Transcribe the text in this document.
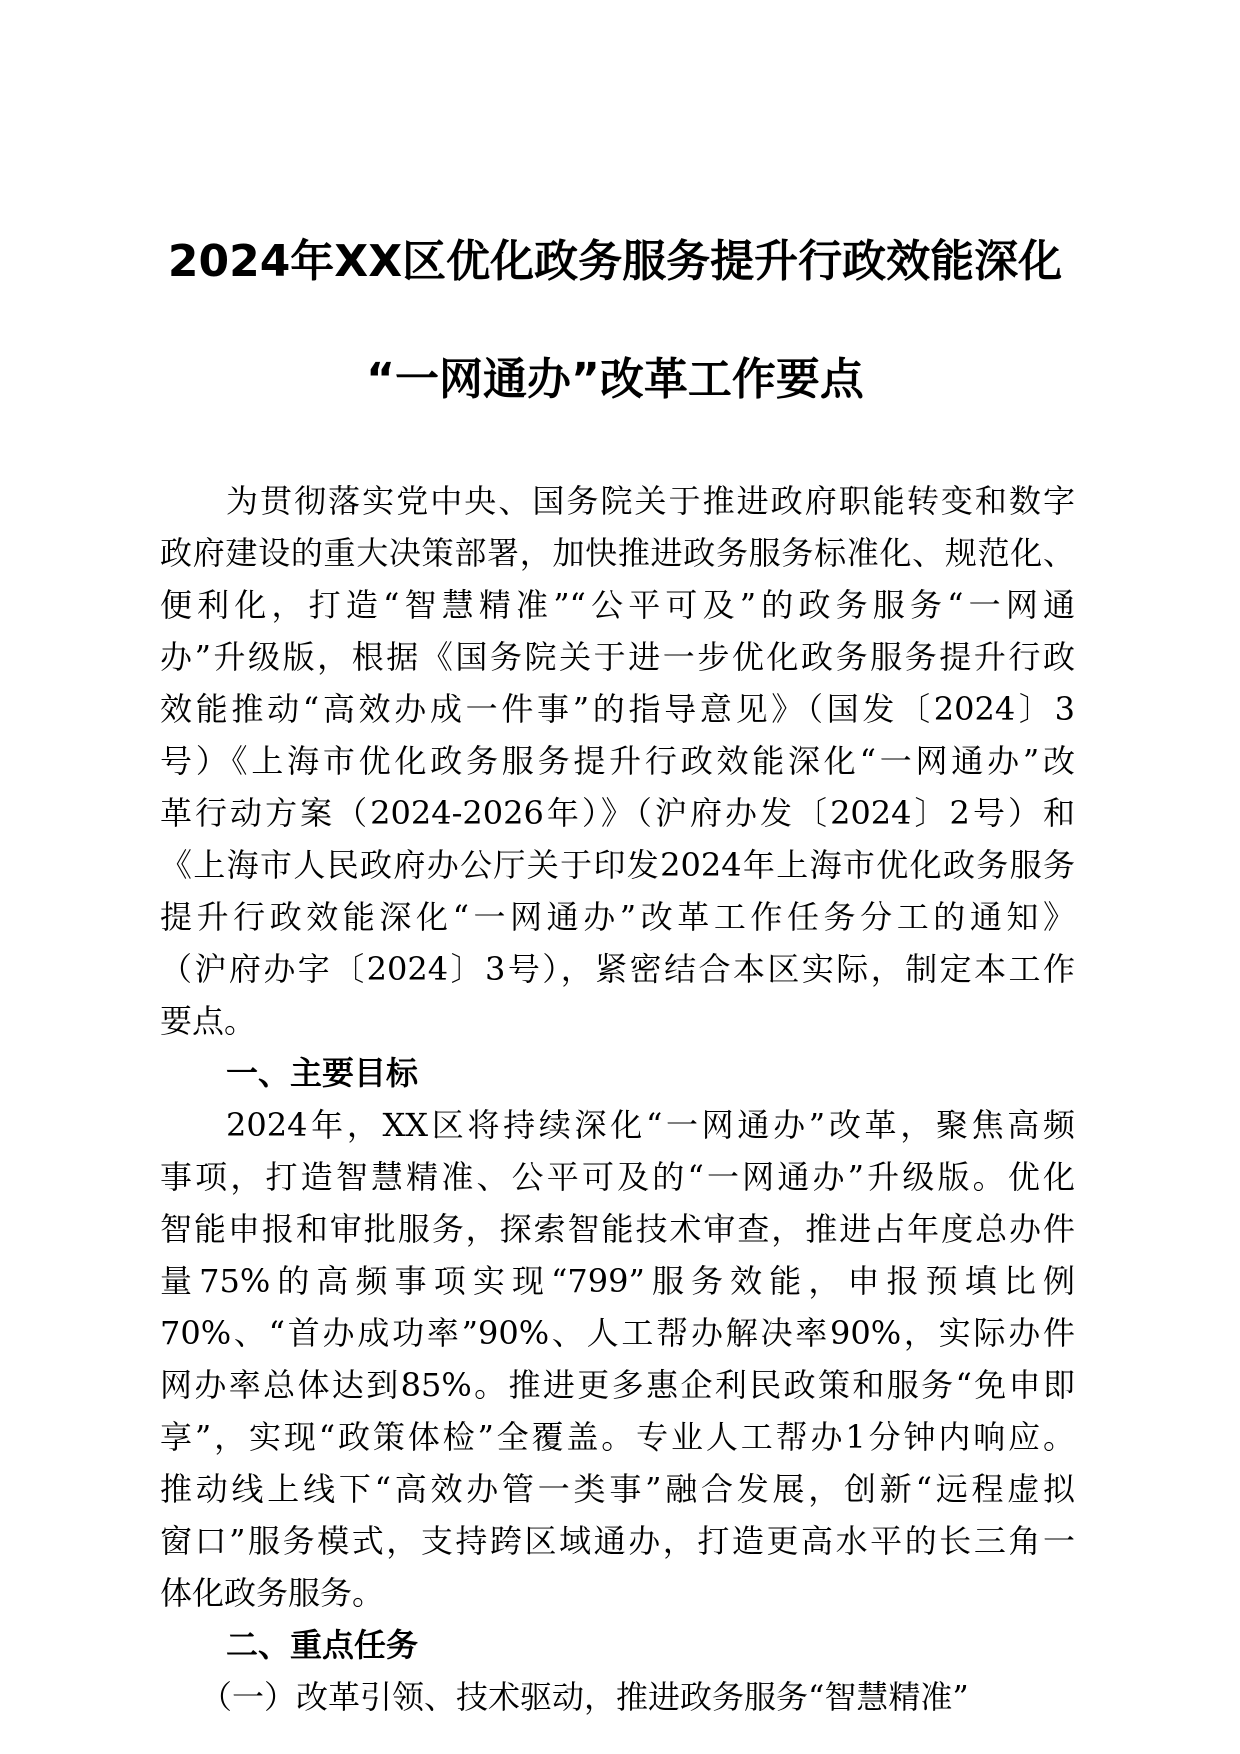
2024年XX区优化政务服务提升行政效能深化
“一网通办”改革工作要点
为贯彻落实党中央、国务院关于推进政府职能转变和数字
政府建设的重大决策部署，加快推进政务服务标准化、规范化、
便利化，打造“智慧精准”“公平可及”的政务服务“一网通
办”升级版，根据《国务院关于进一步优化政务服务提升行政
效能推动“高效办成一件事”的指导意见》（国发〔2024〕3
号）《上海市优化政务服务提升行政效能深化“一网通办”改
革行动方案（2024-2026年）》（沪府办发〔2024〕2号）和
《上海市人民政府办公厅关于印发2024年上海市优化政务服务
提升行政效能深化“一网通办”改革工作任务分工的通知》
（沪府办字〔2024〕3号），紧密结合本区实际，制定本工作
要点。
一、主要目标
2024年，XX区将持续深化“一网通办”改革，聚焦高频
事项，打造智慧精准、公平可及的“一网通办”升级版。优化
智能申报和审批服务，探索智能技术审查，推进占年度总办件
量75%的高频事项实现“799”服务效能，申报预填比例
70%、“首办成功率”90%、人工帮办解决率90%，实际办件
网办率总体达到85%。推进更多惠企利民政策和服务“免申即
享”，实现“政策体检”全覆盖。专业人工帮办1分钟内响应。
推动线上线下“高效办管一类事”融合发展，创新“远程虚拟
窗口”服务模式，支持跨区域通办，打造更高水平的长三角一
体化政务服务。
二、重点任务
（一）改革引领、技术驱动，推进政务服务“智慧精准”
